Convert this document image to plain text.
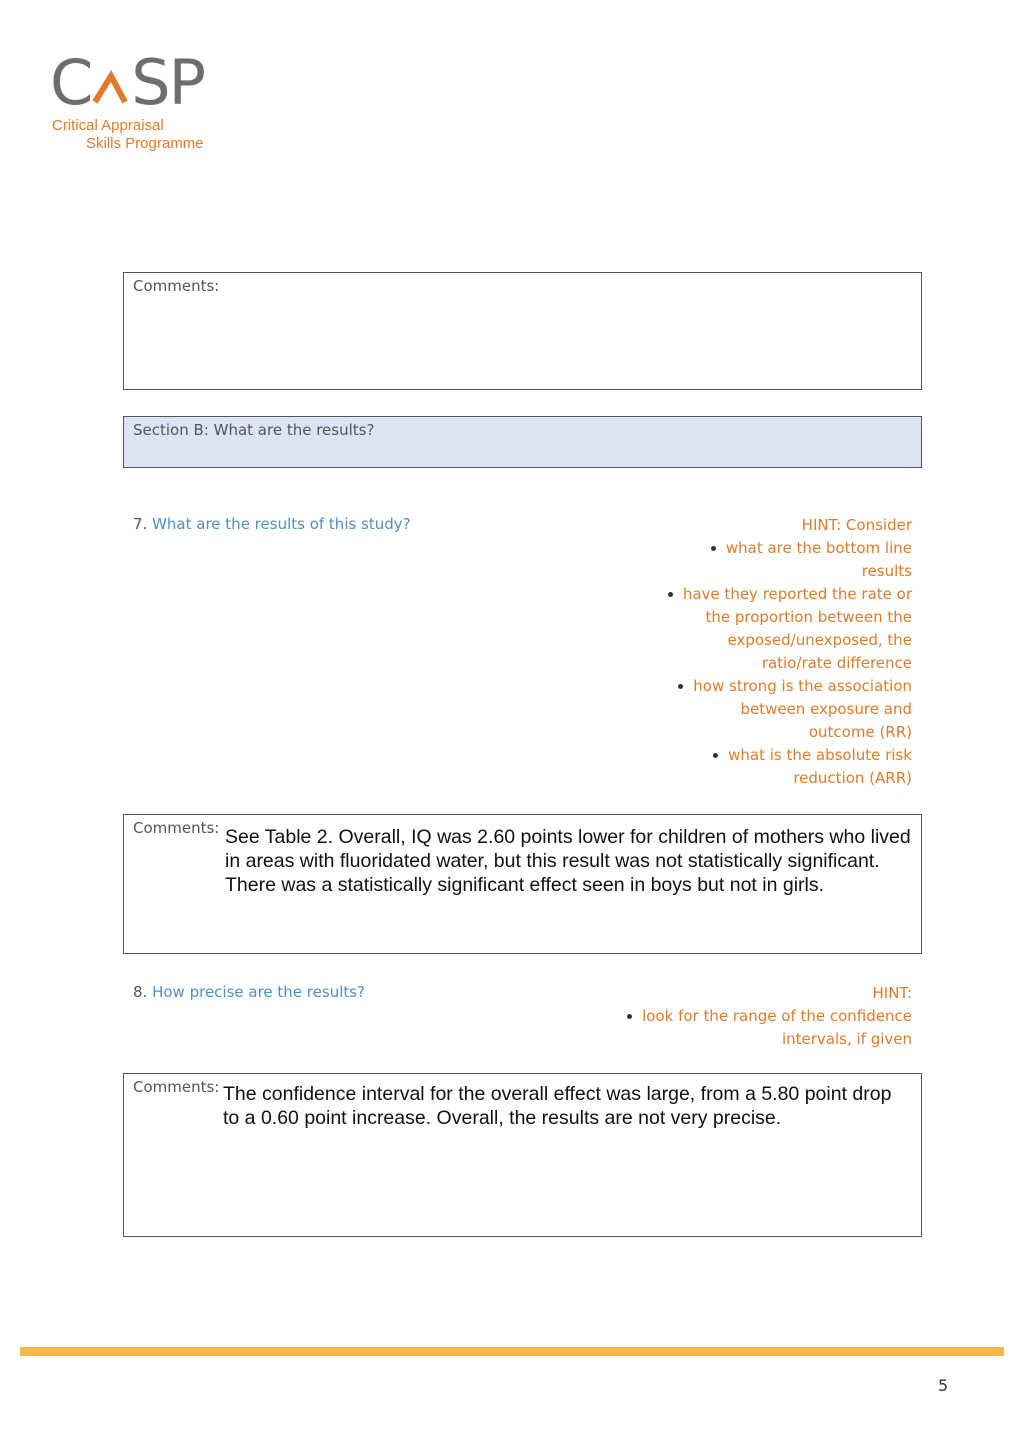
C SP
Critical Appraisal
Skills Programme
Comments:
Section B: What are the results?
7. What are the results of this study?	HINT: Consider
what are the bottom line
results
have they reported the rate or
the proportion between the
exposed/unexposed, the
ratio/rate difference
how strong is the association
between exposure and
outcome (RR)
what is the absolute risk
reduction (ARR)
Comments: See Table 2. Overall, IQ was 2.60 points lower for children of mothers who lived in areas with fluoridated water, but this result was not statistically significant. There was a statistically significant effect seen in boys but not in girls.
8. How precise are the results?	HINT:
look for the range of the confidence
intervals, if given
Comments: The confidence interval for the overall effect was large, from a 5.80 point drop to a 0.60 point increase. Overall, the results are not very precise.
5
